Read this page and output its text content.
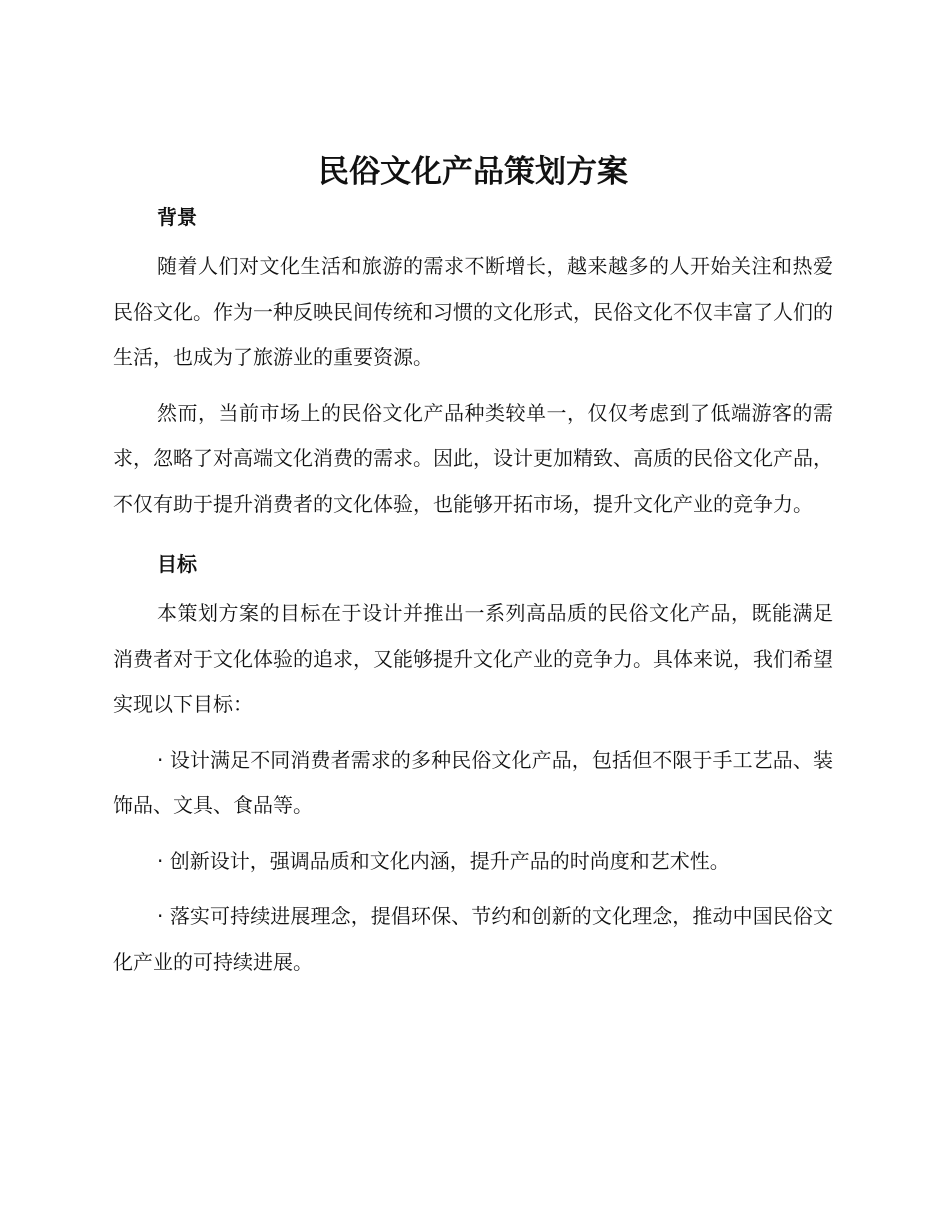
民俗文化产品策划方案
背景

随着人们对文化生活和旅游的需求不断增长，越来越多的人开始关注和热爱民俗文化。作为一种反映民间传统和习惯的文化形式，民俗文化不仅丰富了人们的生活，也成为了旅游业的重要资源。

然而，当前市场上的民俗文化产品种类较单一，仅仅考虑到了低端游客的需求，忽略了对高端文化消费的需求。因此，设计更加精致、高质的民俗文化产品，不仅有助于提升消费者的文化体验，也能够开拓市场，提升文化产业的竞争力。

目标

本策划方案的目标在于设计并推出一系列高品质的民俗文化产品，既能满足消费者对于文化体验的追求，又能够提升文化产业的竞争力。具体来说，我们希望实现以下目标：

· 设计满足不同消费者需求的多种民俗文化产品，包括但不限于手工艺品、装饰品、文具、食品等。

· 创新设计，强调品质和文化内涵，提升产品的时尚度和艺术性。

· 落实可持续进展理念，提倡环保、节约和创新的文化理念，推动中国民俗文化产业的可持续进展。
